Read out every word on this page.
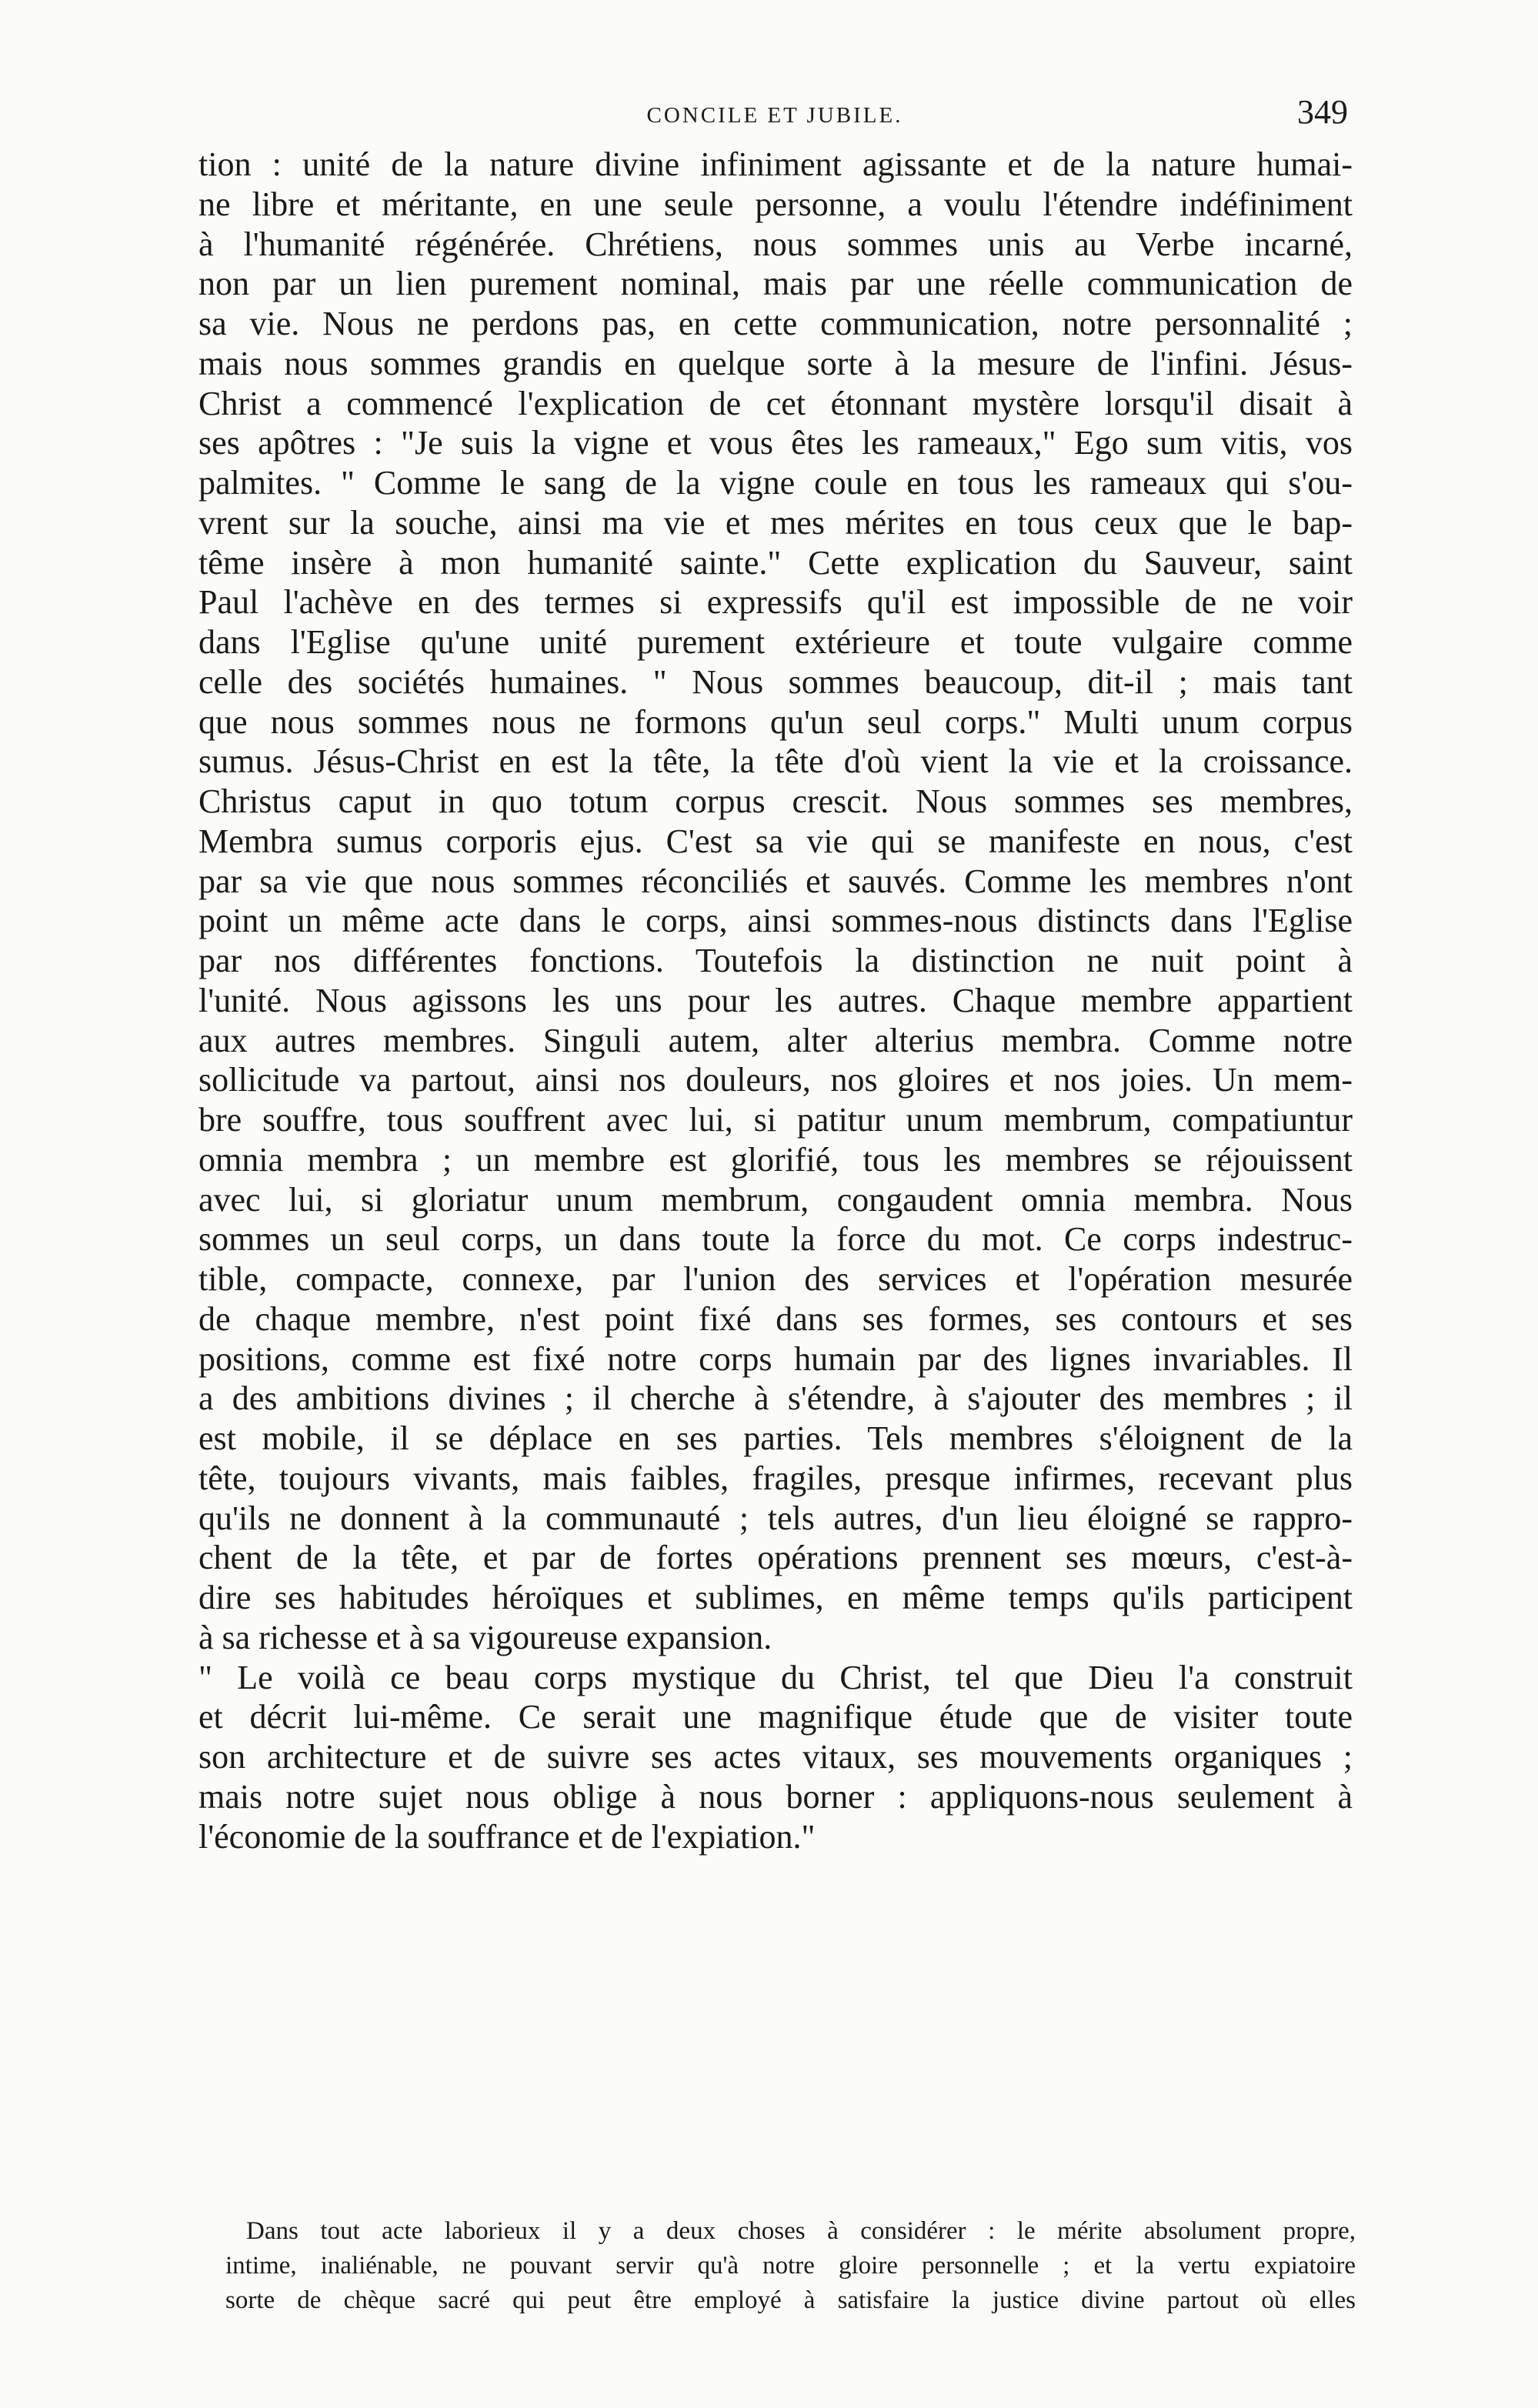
CONCILE ET JUBILE.	349
tion : unité de la nature divine infiniment agissante et de la nature humai-
ne libre et méritante, en une seule personne, a voulu l'étendre indéfiniment
à l'humanité régénérée. Chrétiens, nous sommes unis au Verbe incarné,
non par un lien purement nominal, mais par une réelle communication de
sa vie. Nous ne perdons pas, en cette communication, notre personnalité ;
mais nous sommes grandis en quelque sorte à la mesure de l'infini. Jésus-
Christ a commencé l'explication de cet étonnant mystère lorsqu'il disait à
ses apôtres : "Je suis la vigne et vous êtes les rameaux," Ego sum vitis, vos
palmites. " Comme le sang de la vigne coule en tous les rameaux qui s'ou-
vrent sur la souche, ainsi ma vie et mes mérites en tous ceux que le bap-
tême insère à mon humanité sainte." Cette explication du Sauveur, saint
Paul l'achève en des termes si expressifs qu'il est impossible de ne voir
dans l'Eglise qu'une unité purement extérieure et toute vulgaire comme
celle des sociétés humaines. " Nous sommes beaucoup, dit-il ; mais tant
que nous sommes nous ne formons qu'un seul corps." Multi unum corpus
sumus. Jésus-Christ en est la tête, la tête d'où vient la vie et la croissance.
Christus caput in quo totum corpus crescit. Nous sommes ses membres,
Membra sumus corporis ejus. C'est sa vie qui se manifeste en nous, c'est
par sa vie que nous sommes réconciliés et sauvés. Comme les membres n'ont
point un même acte dans le corps, ainsi sommes-nous distincts dans l'Eglise
par nos différentes fonctions. Toutefois la distinction ne nuit point à
l'unité. Nous agissons les uns pour les autres. Chaque membre appartient
aux autres membres. Singuli autem, alter alterius membra. Comme notre
sollicitude va partout, ainsi nos douleurs, nos gloires et nos joies. Un mem-
bre souffre, tous souffrent avec lui, si patitur unum membrum, compatiuntur
omnia membra ; un membre est glorifié, tous les membres se réjouissent
avec lui, si gloriatur unum membrum, congaudent omnia membra. Nous
sommes un seul corps, un dans toute la force du mot. Ce corps indestruc-
tible, compacte, connexe, par l'union des services et l'opération mesurée
de chaque membre, n'est point fixé dans ses formes, ses contours et ses
positions, comme est fixé notre corps humain par des lignes invariables. Il
a des ambitions divines ; il cherche à s'étendre, à s'ajouter des membres ; il
est mobile, il se déplace en ses parties. Tels membres s'éloignent de la
tête, toujours vivants, mais faibles, fragiles, presque infirmes, recevant plus
qu'ils ne donnent à la communauté ; tels autres, d'un lieu éloigné se rappro-
chent de la tête, et par de fortes opérations prennent ses mœurs, c'est-à-
dire ses habitudes héroïques et sublimes, en même temps qu'ils participent
à sa richesse et à sa vigoureuse expansion.
" Le voilà ce beau corps mystique du Christ, tel que Dieu l'a construit
et décrit lui-même. Ce serait une magnifique étude que de visiter toute
son architecture et de suivre ses actes vitaux, ses mouvements organiques ;
mais notre sujet nous oblige à nous borner : appliquons-nous seulement à
l'économie de la souffrance et de l'expiation."
Dans tout acte laborieux il y a deux choses à considérer : le mérite absolument propre,
intime, inaliénable, ne pouvant servir qu'à notre gloire personnelle ; et la vertu expiatoire
sorte de chèque sacré qui peut être employé à satisfaire la justice divine partout où elles
